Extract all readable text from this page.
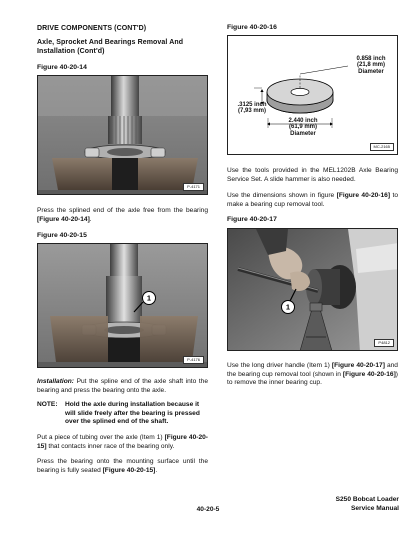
DRIVE COMPONENTS (CONT'D)
Axle, Sprocket And Bearings Removal And
Installation (Cont'd)
Figure 40-20-14
P-4171

Press the splined end of the axle free from the bearing [Figure 40-20-14].

Figure 40-20-15
1
P-4176

Installation: Put the spline end of the axle shaft into the bearing and press the bearing onto the axle.

NOTE:	Hold the axle during installation because it will slide freely after the bearing is pressed over the splined end of the shaft.

Put a piece of tubing over the axle (Item 1) [Figure 40-20-15] that contacts inner race of the bearing only.

Press the bearing onto the mounting surface until the bearing is fully seated [Figure 40-20-15].

Figure 40-20-16
0.858 inch
(21,8 mm)
Diameter
.3125 inch
(7,93 mm)
2.440 inch
(61,9 mm)
Diameter
MC-2165

Use the tools provided in the MEL1202B Axle Bearing Service Set. A slide hammer is also needed.

Use the dimensions shown in figure [Figure 40-20-16] to make a bearing cup removal tool.

Figure 40-20-17
1
P4812

Use the long driver handle (Item 1) [Figure 40-20-17] and the bearing cup removal tool (shown in [Figure 40-20-16]) to remove the inner bearing cup.

40-20-5
S250 Bobcat Loader
Service Manual
